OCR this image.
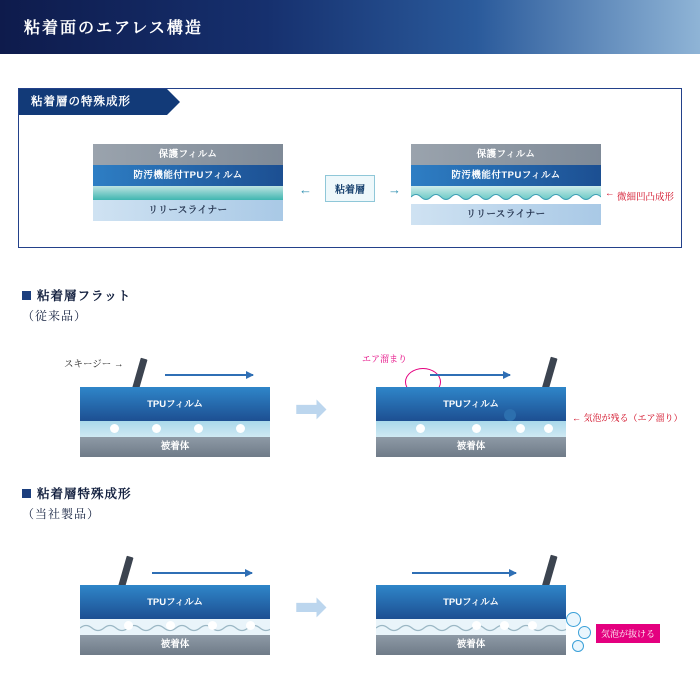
粘着面のエアレス構造
粘着層の特殊成形
保護フィルム
防汚機能付TPUフィルム
リリースライナー
←	粘着層	→
保護フィルム
防汚機能付TPUフィルム
リリースライナー
← 微細凹凸成形
粘着層フラット
（従来品）
スキージー →
TPUフィルム
被着体
➡
エア溜まり
TPUフィルム
被着体
← 気泡が残る（エア溜り）
粘着層特殊成形
（当社製品）
TPUフィルム
被着体
➡	TPUフィルム
被着体
気泡が抜ける
